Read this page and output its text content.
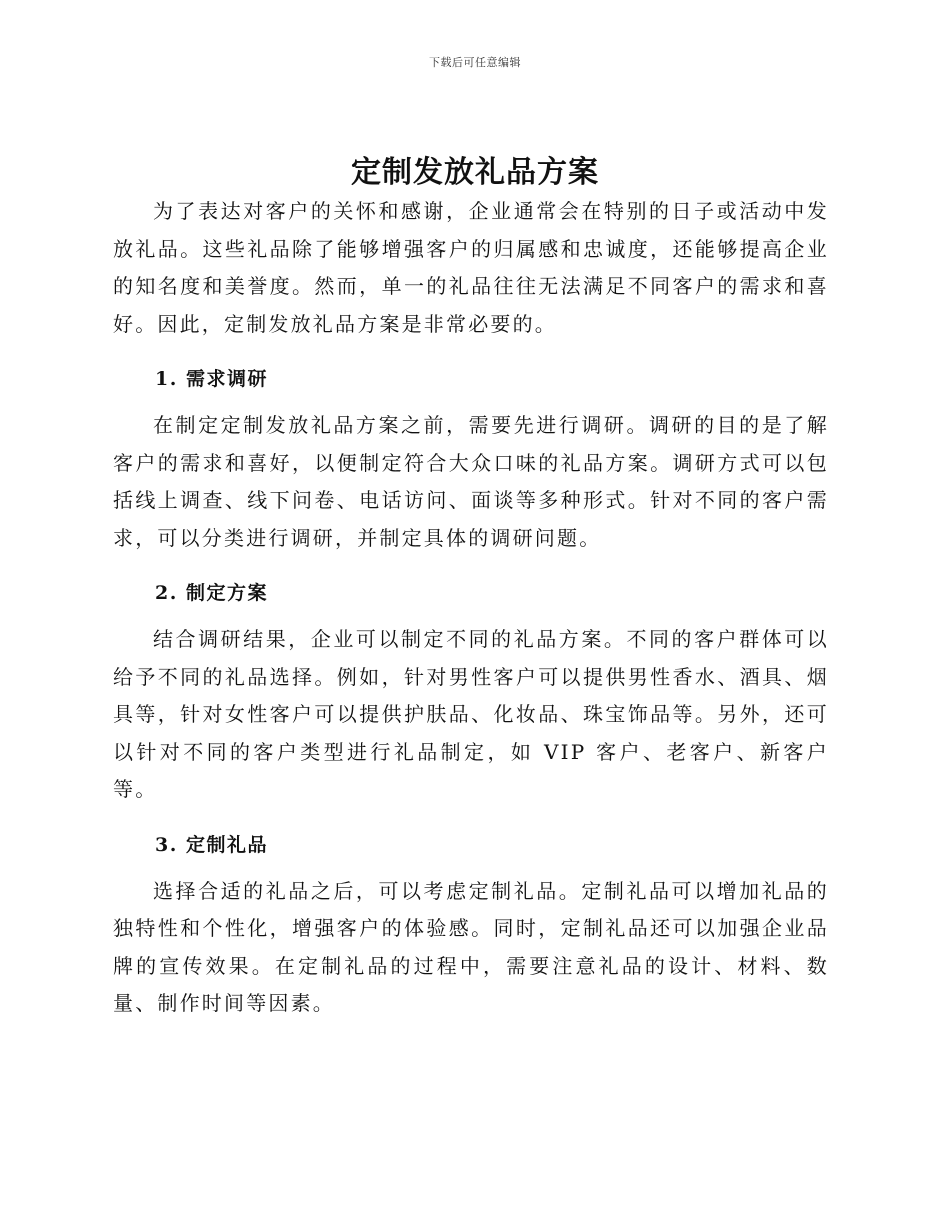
下载后可任意编辑
定制发放礼品方案

为了表达对客户的关怀和感谢，企业通常会在特别的日子或活动中发放礼品。这些礼品除了能够增强客户的归属感和忠诚度，还能够提高企业的知名度和美誉度。然而，单一的礼品往往无法满足不同客户的需求和喜好。因此，定制发放礼品方案是非常必要的。

1. 需求调研

在制定定制发放礼品方案之前，需要先进行调研。调研的目的是了解客户的需求和喜好，以便制定符合大众口味的礼品方案。调研方式可以包括线上调查、线下问卷、电话访问、面谈等多种形式。针对不同的客户需求，可以分类进行调研，并制定具体的调研问题。

2. 制定方案

结合调研结果，企业可以制定不同的礼品方案。不同的客户群体可以给予不同的礼品选择。例如，针对男性客户可以提供男性香水、酒具、烟具等，针对女性客户可以提供护肤品、化妆品、珠宝饰品等。另外，还可以针对不同的客户类型进行礼品制定，如 VIP 客户、老客户、新客户等。

3. 定制礼品

选择合适的礼品之后，可以考虑定制礼品。定制礼品可以增加礼品的独特性和个性化，增强客户的体验感。同时，定制礼品还可以加强企业品牌的宣传效果。在定制礼品的过程中，需要注意礼品的设计、材料、数量、制作时间等因素。
